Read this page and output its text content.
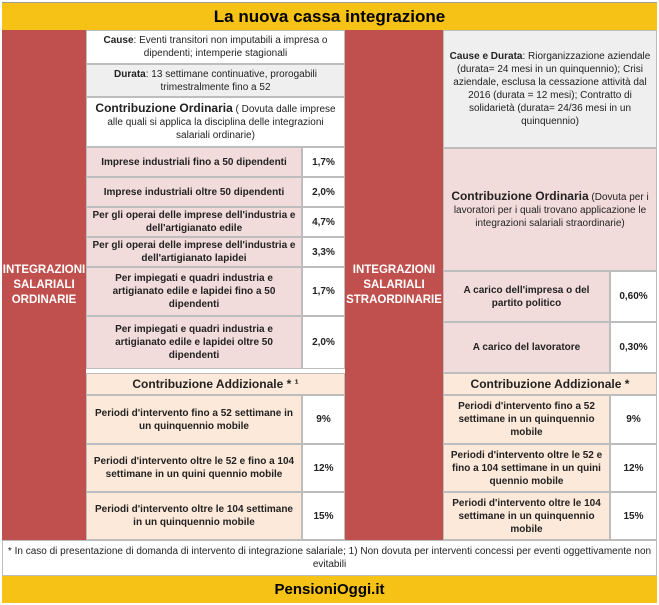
La nuova cassa integrazione
INTEGRAZIONI SALARIALI ORDINARIE
Cause: Eventi transitori non imputabili a impresa o dipendenti; intemperie stagionali
Durata: 13 settimane continuative, prorogabili trimestralmente fino a 52
Contribuzione Ordinaria ( Dovuta dalle imprese alle quali si applica la disciplina delle integrazioni salariali ordinarie)
Imprese industriali fino a 50 dipendenti	1,7%
Imprese industriali oltre 50 dipendenti	2,0%
Per gli operai delle imprese dell'industria e dell'artigianato edile
4,7%
Per gli operai delle imprese dell'industria e dell'artigianato lapidei
3,3%
Per impiegati e quadri industria e artigianato edile e lapidei fino a 50 dipendenti
1,7%
Per impiegati e quadri industria e artigianato edile e lapidei oltre 50 dipendenti
2,0%
Contribuzione Addizionale * ¹
Periodi d'intervento fino a 52 settimane in un quinquennio mobile
9%
Periodi d'intervento oltre le 52 e fino a 104 settimane in un quini quennio mobile
12%
Periodi d'intervento oltre le 104 settimane in un quinquennio mobile
15%
INTEGRAZIONI SALARIALI STRAORDINARIE
Cause e Durata: Riorganizzazione aziendale (durata= 24 mesi in un quinquennio); Crisi aziendale, esclusa la cessazione attività dal 2016 (durata = 12 mesi); Contratto di solidarietà (durata= 24/36 mesi in un quinquennio)
Contribuzione Ordinaria (Dovuta per i lavoratori per i quali trovano applicazione le integrazioni salariali straordinarie)
A carico dell'impresa o del partito politico
0,60%
A carico del lavoratore	0,30%
Contribuzione Addizionale *
Periodi d'intervento fino a 52 settimane in un quinquennio mobile
9%
Periodi d'intervento oltre le 52 e fino a 104 settimane in un quini quennio mobile
12%
Periodi d'intervento oltre le 104 settimane in un quinquennio mobile
15%
* In caso di presentazione di domanda di intervento di integrazione salariale; 1) Non dovuta per interventi concessi per eventi oggettivamente non evitabili
PensioniOggi.it
